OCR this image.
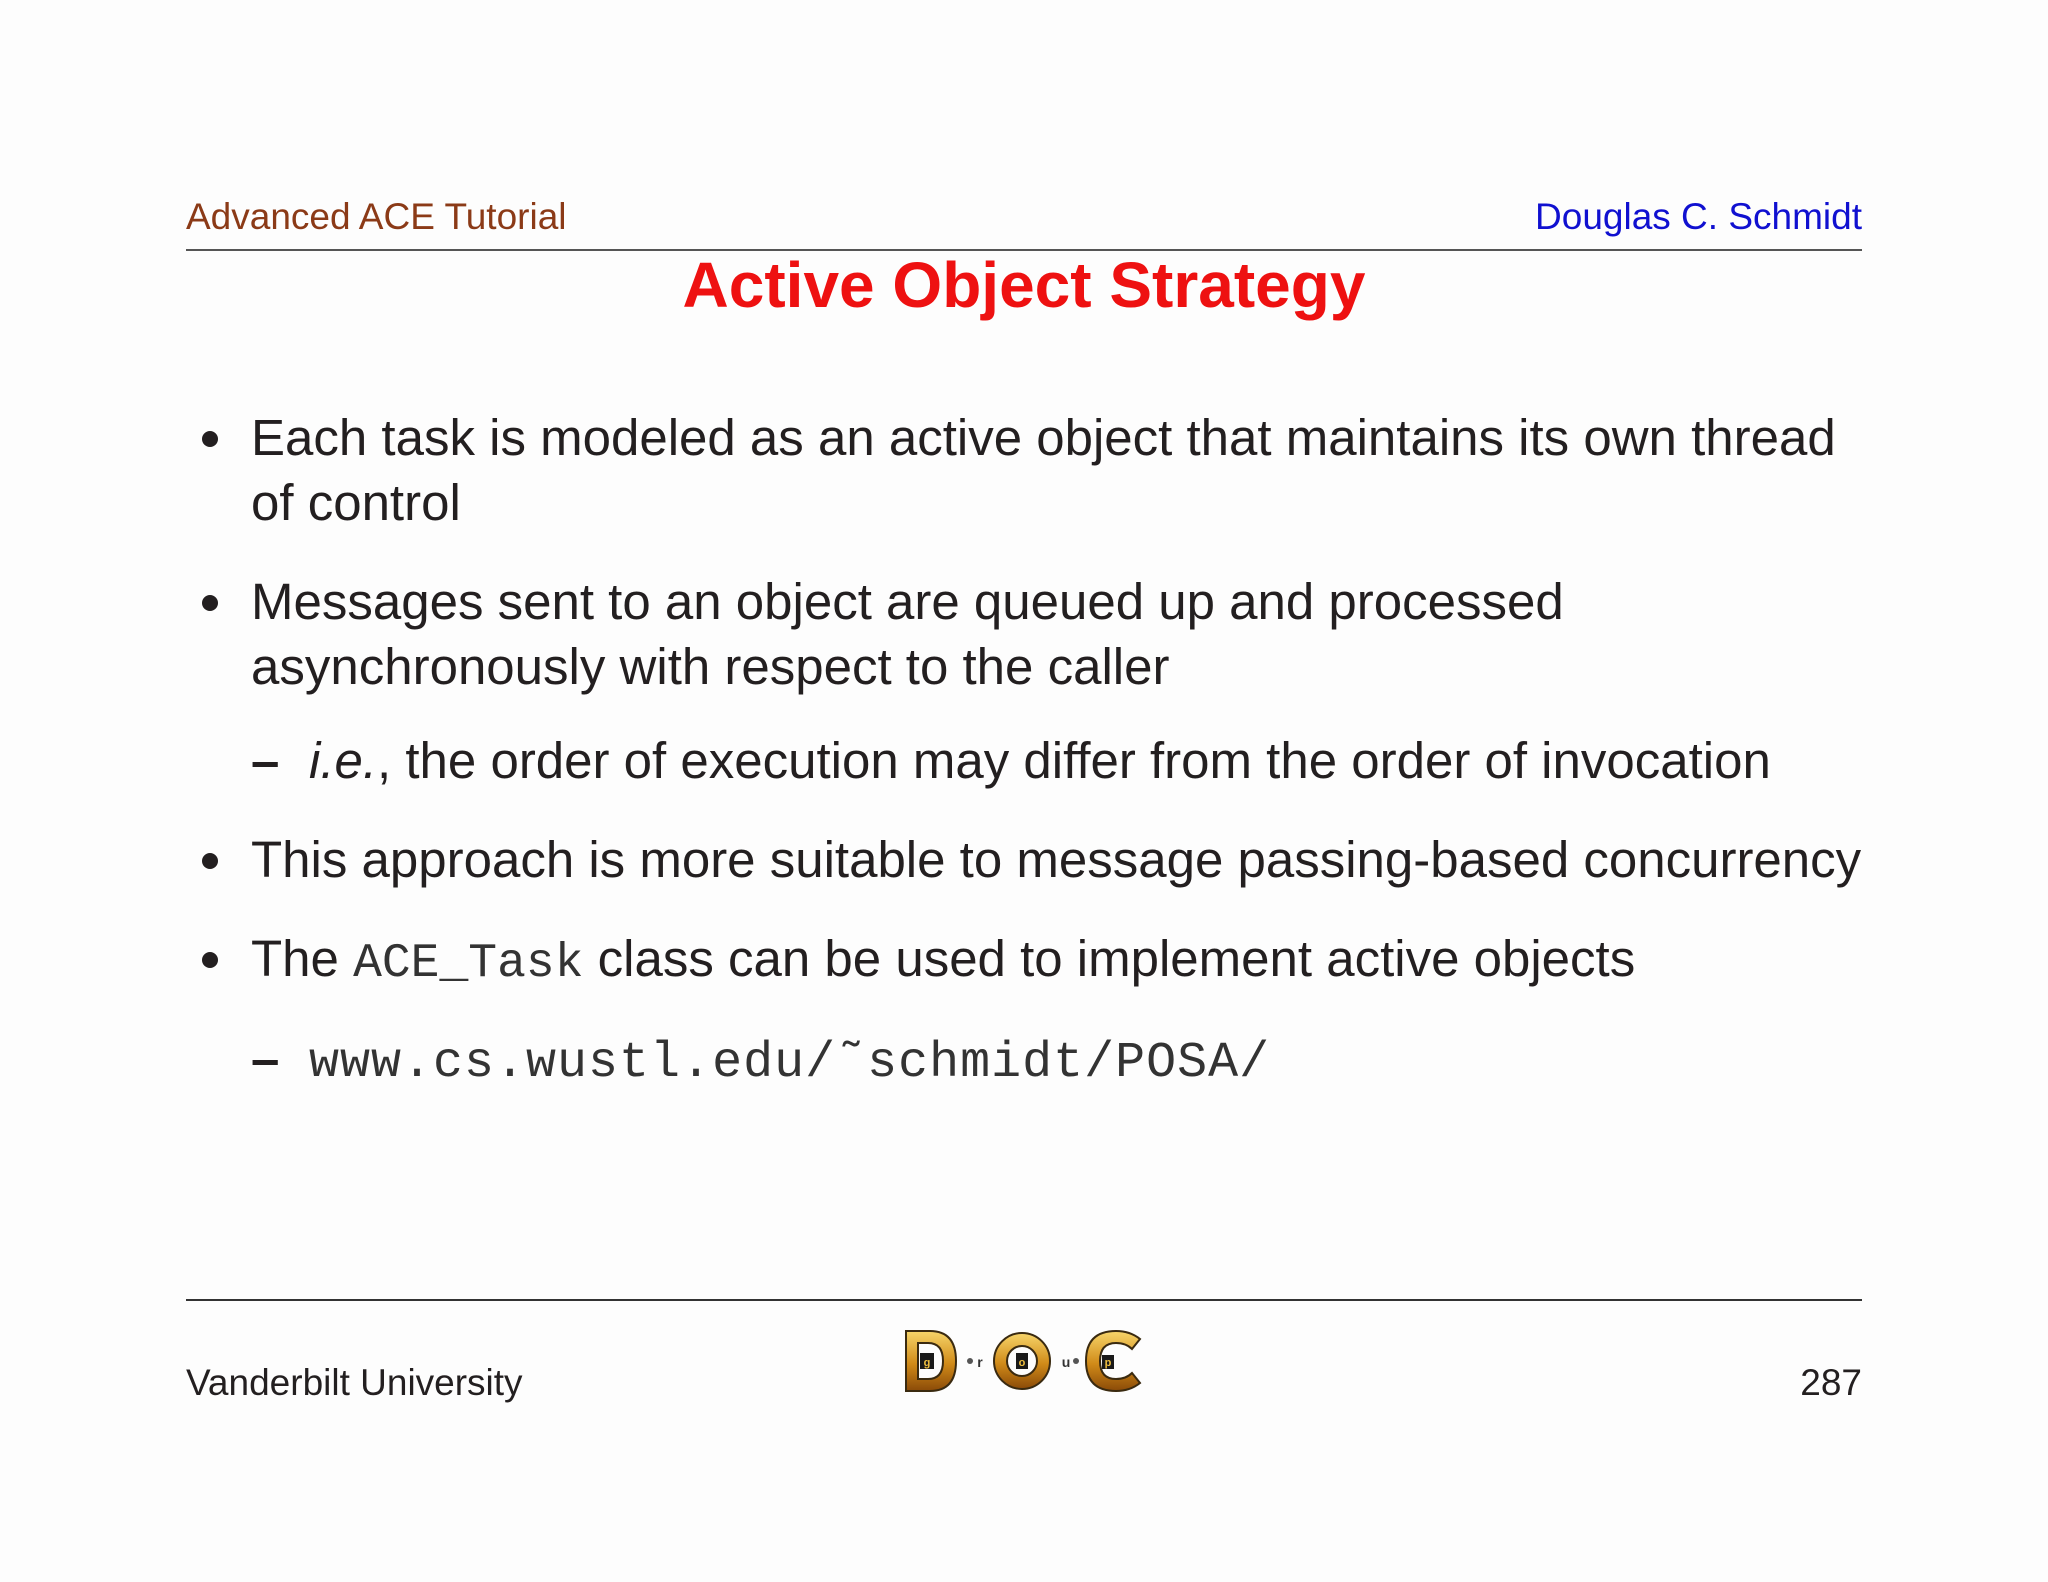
Advanced ACE Tutorial	Douglas C. Schmidt
Active Object Strategy
Each task is modeled as an active object that maintains its own thread of control
Messages sent to an object are queued up and processed asynchronously with respect to the caller
– i.e., the order of execution may differ from the order of invocation
This approach is more suitable to message passing-based concurrency
The ACE_Task class can be used to implement active objects
– www.cs.wustl.edu/˜schmidt/POSA/
Vanderbilt University	287
g	r	o	u	p
